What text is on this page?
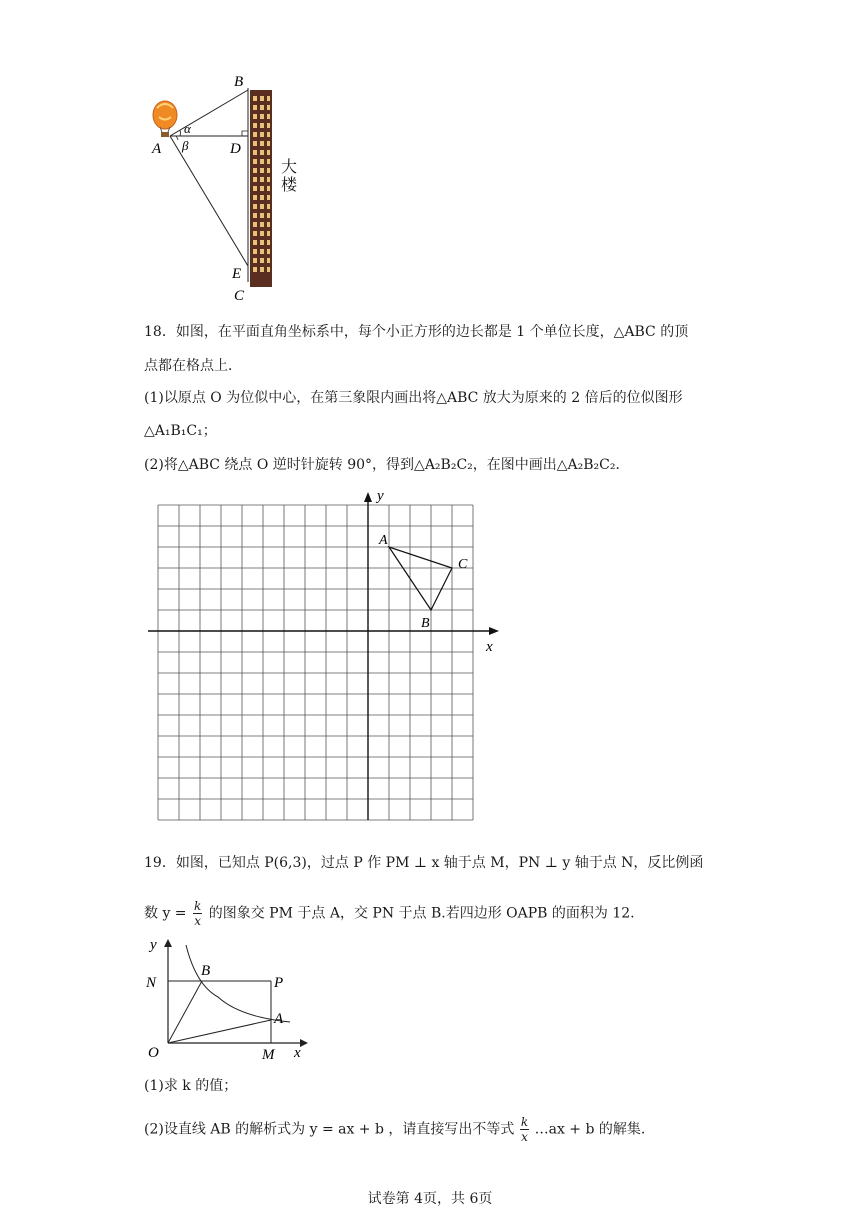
B
A	D
E
C
α
β
大楼
18．如图，在平面直角坐标系中，每个小正方形的边长都是 1 个单位长度，△ABC 的顶
点都在格点上．
(1)以原点 O 为位似中心，在第三象限内画出将△ABC 放大为原来的 2 倍后的位似图形
△A₁B₁C₁；
(2)将△ABC 绕点 O 逆时针旋转 90°，得到△A₂B₂C₂，在图中画出△A₂B₂C₂．
x
y
A
B
C
19．如图，已知点 P(6,3)，过点 P 作 PM ⊥ x 轴于点 M，PN ⊥ y 轴于点 N，反比例函
数 $y = \frac{k}{x}$ 的图象交 PM 于点 A，交 PN 于点 B.若四边形 OAPB 的面积为 12.
y
N
B
P
A
O	M x
(1)求 k 的值；
(2)设直线 AB 的解析式为 y = ax + b ，请直接写出不等式 $\frac{k}{x}$ …ax + b 的解集.
试卷第 4页，共 6页
